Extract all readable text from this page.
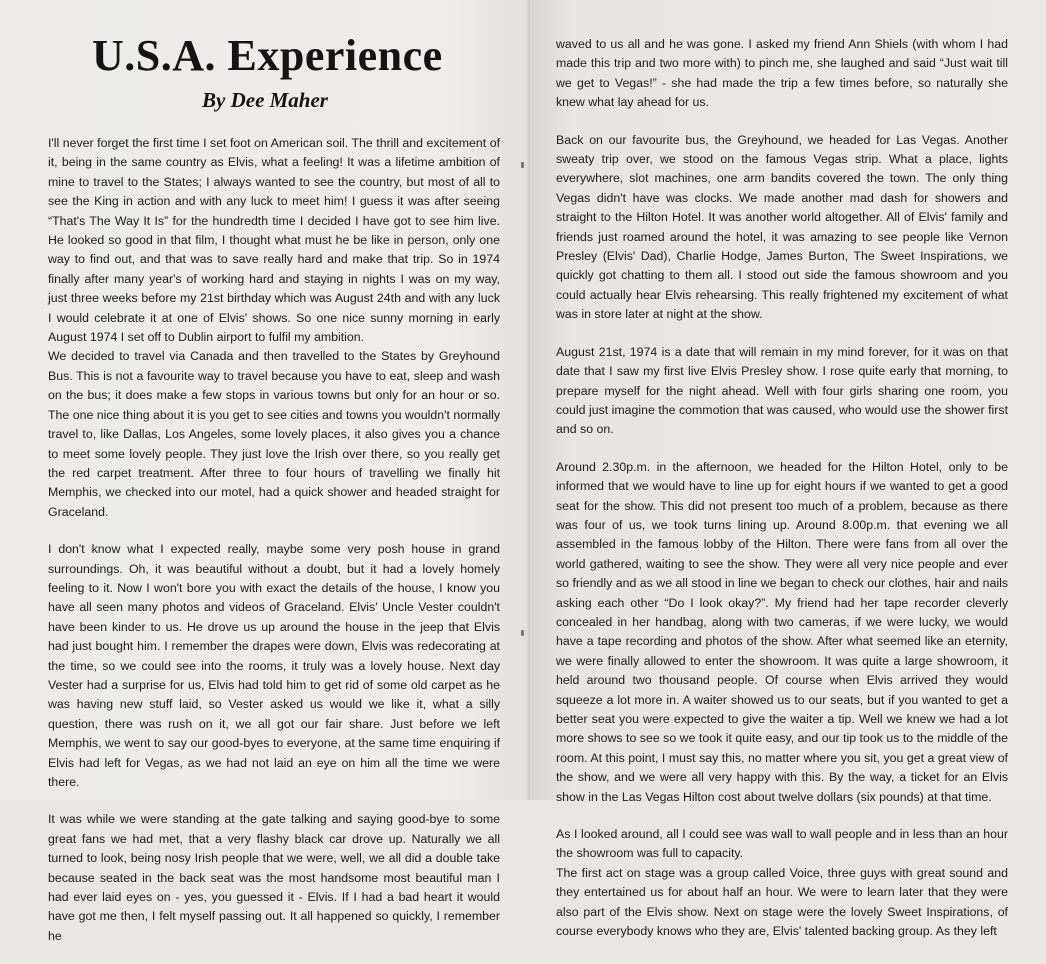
U.S.A. Experience
By Dee Maher

I'll never forget the first time I set foot on American soil. The thrill and excitement of it, being in the same country as Elvis, what a feeling! It was a lifetime ambition of mine to travel to the States; I always wanted to see the country, but most of all to see the King in action and with any luck to meet him! I guess it was after seeing “That's The Way It Is” for the hundredth time I decided I have got to see him live. He looked so good in that film, I thought what must he be like in person, only one way to find out, and that was to save really hard and make that trip. So in 1974 finally after many year's of working hard and staying in nights I was on my way, just three weeks before my 21st birthday which was August 24th and with any luck I would celebrate it at one of Elvis' shows. So one nice sunny morning in early August 1974 I set off to Dublin airport to fulfil my ambition.

We decided to travel via Canada and then travelled to the States by Greyhound Bus. This is not a favourite way to travel because you have to eat, sleep and wash on the bus; it does make a few stops in various towns but only for an hour or so. The one nice thing about it is you get to see cities and towns you wouldn't normally travel to, like Dallas, Los Angeles, some lovely places, it also gives you a chance to meet some lovely people. They just love the Irish over there, so you really get the red carpet treatment. After three to four hours of travelling we finally hit Memphis, we checked into our motel, had a quick shower and headed straight for Graceland.

I don't know what I expected really, maybe some very posh house in grand surroundings. Oh, it was beautiful without a doubt, but it had a lovely homely feeling to it. Now I won't bore you with exact the details of the house, I know you have all seen many photos and videos of Graceland. Elvis' Uncle Vester couldn't have been kinder to us. He drove us up around the house in the jeep that Elvis had just bought him. I remember the drapes were down, Elvis was redecorating at the time, so we could see into the rooms, it truly was a lovely house. Next day Vester had a surprise for us, Elvis had told him to get rid of some old carpet as he was having new stuff laid, so Vester asked us would we like it, what a silly question, there was rush on it, we all got our fair share. Just before we left Memphis, we went to say our good-byes to everyone, at the same time enquiring if Elvis had left for Vegas, as we had not laid an eye on him all the time we were there.

It was while we were standing at the gate talking and saying good-bye to some great fans we had met, that a very flashy black car drove up. Naturally we all turned to look, being nosy Irish people that we were, well, we all did a double take because seated in the back seat was the most handsome most beautiful man I had ever laid eyes on - yes, you guessed it - Elvis. If I had a bad heart it would have got me then, I felt myself passing out. It all happened so quickly, I remember he

waved to us all and he was gone. I asked my friend Ann Shiels (with whom I had made this trip and two more with) to pinch me, she laughed and said “Just wait till we get to Vegas!” - she had made the trip a few times before, so naturally she knew what lay ahead for us.

Back on our favourite bus, the Greyhound, we headed for Las Vegas. Another sweaty trip over, we stood on the famous Vegas strip. What a place, lights everywhere, slot machines, one arm bandits covered the town. The only thing Vegas didn't have was clocks. We made another mad dash for showers and straight to the Hilton Hotel. It was another world altogether. All of Elvis' family and friends just roamed around the hotel, it was amazing to see people like Vernon Presley (Elvis' Dad), Charlie Hodge, James Burton, The Sweet Inspirations, we quickly got chatting to them all. I stood out side the famous showroom and you could actually hear Elvis rehearsing. This really frightened my excitement of what was in store later at night at the show.

August 21st, 1974 is a date that will remain in my mind forever, for it was on that date that I saw my first live Elvis Presley show. I rose quite early that morning, to prepare myself for the night ahead. Well with four girls sharing one room, you could just imagine the commotion that was caused, who would use the shower first and so on.

Around 2.30p.m. in the afternoon, we headed for the Hilton Hotel, only to be informed that we would have to line up for eight hours if we wanted to get a good seat for the show. This did not present too much of a problem, because as there was four of us, we took turns lining up. Around 8.00p.m. that evening we all assembled in the famous lobby of the Hilton. There were fans from all over the world gathered, waiting to see the show. They were all very nice people and ever so friendly and as we all stood in line we began to check our clothes, hair and nails asking each other “Do I look okay?”. My friend had her tape recorder cleverly concealed in her handbag, along with two cameras, if we were lucky, we would have a tape recording and photos of the show. After what seemed like an eternity, we were finally allowed to enter the showroom. It was quite a large showroom, it held around two thousand people. Of course when Elvis arrived they would squeeze a lot more in. A waiter showed us to our seats, but if you wanted to get a better seat you were expected to give the waiter a tip. Well we knew we had a lot more shows to see so we took it quite easy, and our tip took us to the middle of the room. At this point, I must say this, no matter where you sit, you get a great view of the show, and we were all very happy with this. By the way, a ticket for an Elvis show in the Las Vegas Hilton cost about twelve dollars (six pounds) at that time.

As I looked around, all I could see was wall to wall people and in less than an hour the showroom was full to capacity.

The first act on stage was a group called Voice, three guys with great sound and they entertained us for about half an hour. We were to learn later that they were also part of the Elvis show. Next on stage were the lovely Sweet Inspirations, of course everybody knows who they are, Elvis' talented backing group. As they left
